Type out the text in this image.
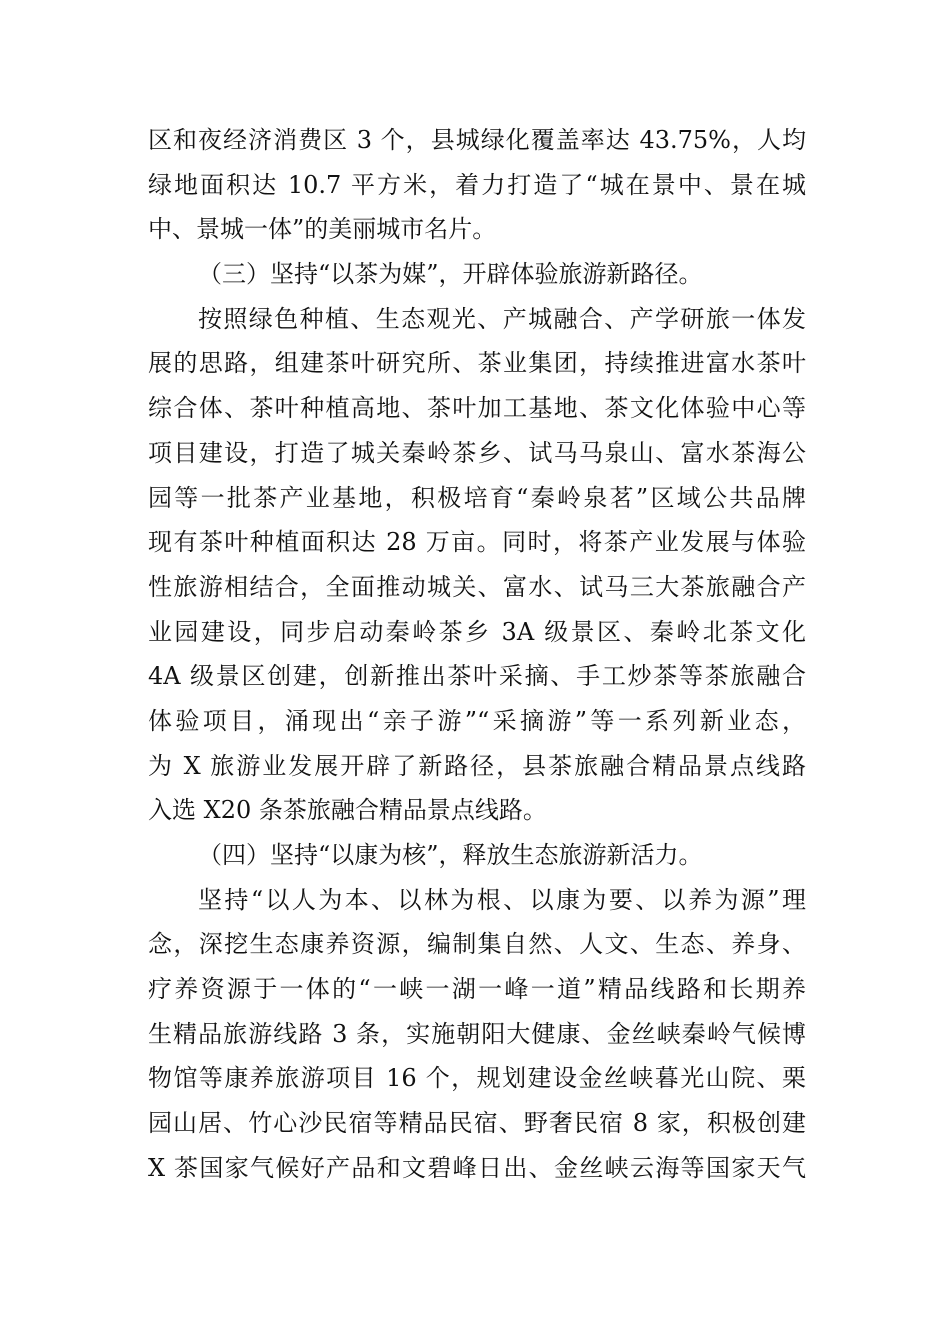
区和夜经济消费区 3 个，县城绿化覆盖率达 43.75%，人均
绿地面积达 10.7 平方米，着力打造了“城在景中、景在城
中、景城一体”的美丽城市名片。
（三）坚持“以茶为媒”，开辟体验旅游新路径。
按照绿色种植、生态观光、产城融合、产学研旅一体发
展的思路，组建茶叶研究所、茶业集团，持续推进富水茶叶
综合体、茶叶种植高地、茶叶加工基地、茶文化体验中心等
项目建设，打造了城关秦岭茶乡、试马马泉山、富水茶海公
园等一批茶产业基地，积极培育“秦岭泉茗”区域公共品牌
现有茶叶种植面积达 28 万亩。同时，将茶产业发展与体验
性旅游相结合，全面推动城关、富水、试马三大茶旅融合产
业园建设，同步启动秦岭茶乡 3A 级景区、秦岭北茶文化
4A 级景区创建，创新推出茶叶采摘、手工炒茶等茶旅融合
体验项目，涌现出“亲子游”“采摘游”等一系列新业态，
为 X 旅游业发展开辟了新路径，县茶旅融合精品景点线路
入选 X20 条茶旅融合精品景点线路。
（四）坚持“以康为核”，释放生态旅游新活力。
坚持“以人为本、以林为根、以康为要、以养为源”理
念，深挖生态康养资源，编制集自然、人文、生态、养身、
疗养资源于一体的“一峡一湖一峰一道”精品线路和长期养
生精品旅游线路 3 条，实施朝阳大健康、金丝峡秦岭气候博
物馆等康养旅游项目 16 个，规划建设金丝峡暮光山院、栗
园山居、竹心沙民宿等精品民宿、野奢民宿 8 家，积极创建
X 茶国家气候好产品和文碧峰日出、金丝峡云海等国家天气
